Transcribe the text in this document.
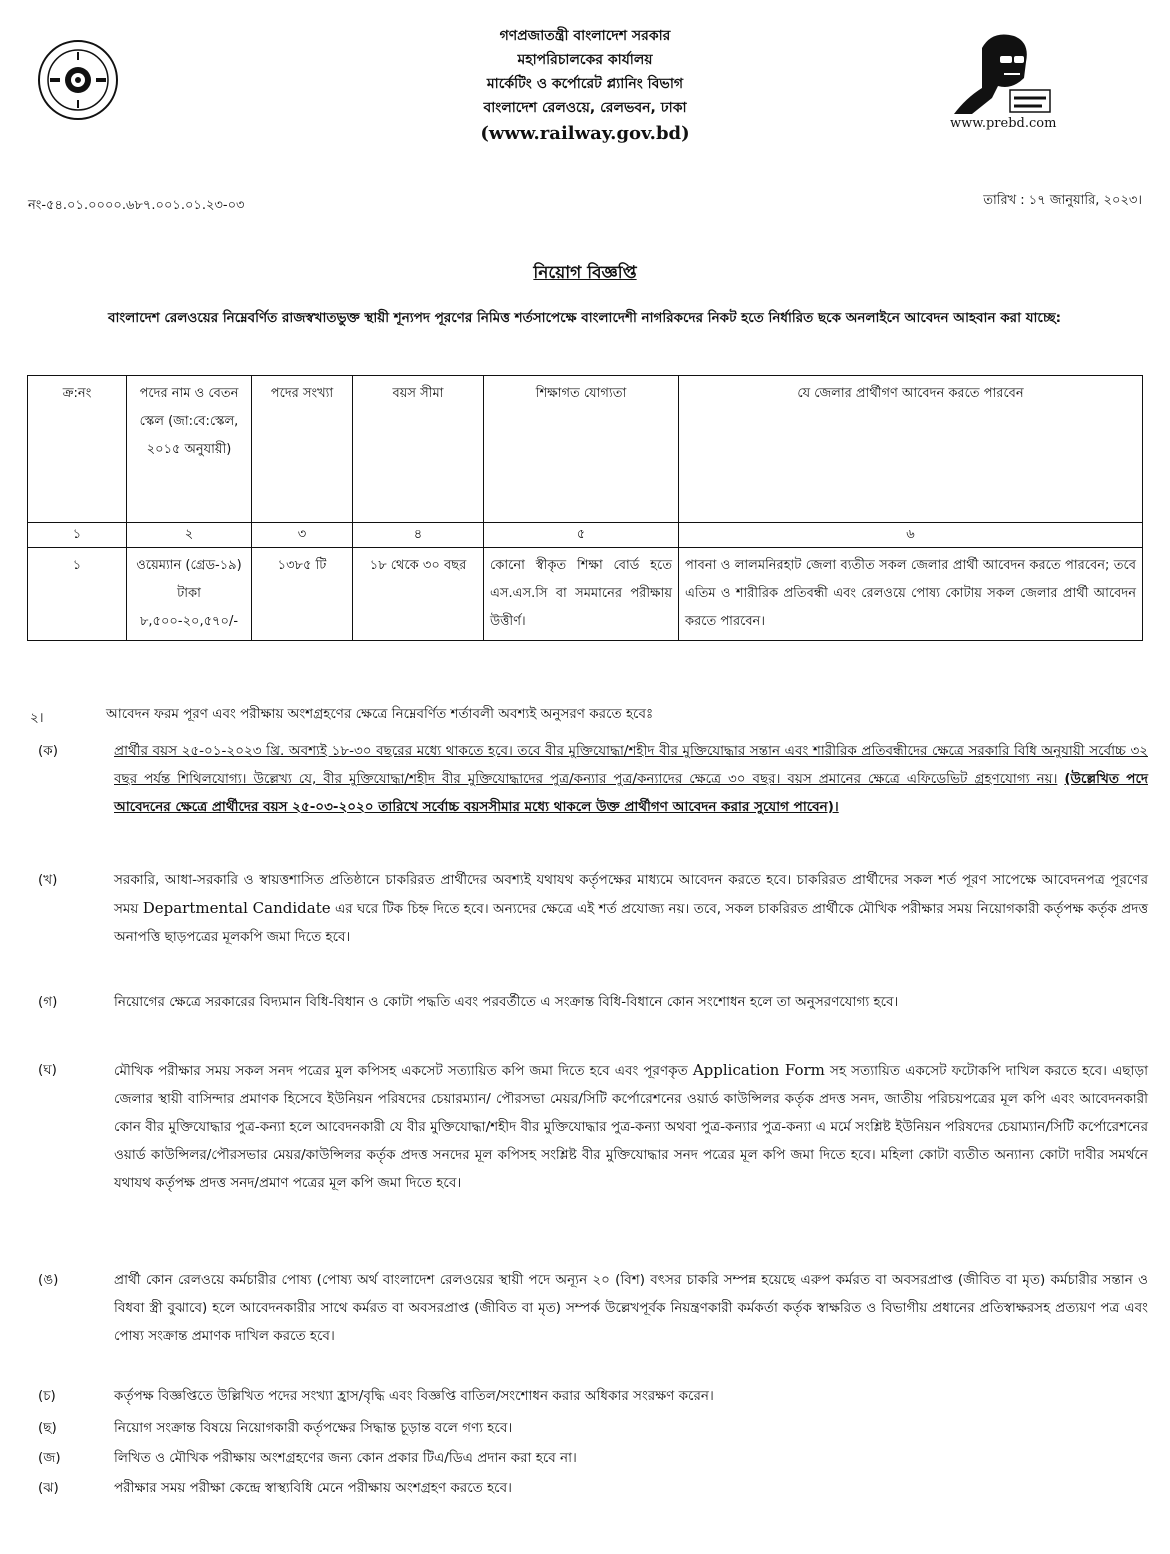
গণপ্রজাতন্ত্রী বাংলাদেশ সরকার
মহাপরিচালকের কার্যালয়
মার্কেটিং ও কর্পোরেট প্ল্যানিং বিভাগ
বাংলাদেশ রেলওয়ে, রেলভবন, ঢাকা
(www.railway.gov.bd)	www.prebd.com
নং-৫৪.০১.০০০০.৬৮৭.০০১.০১.২৩-০৩	তারিখ : ১৭ জানুয়ারি, ২০২৩।
নিয়োগ বিজ্ঞপ্তি
বাংলাদেশ রেলওয়ের নিম্নেবর্ণিত রাজস্বখাতভুক্ত স্থায়ী শূন্যপদ পূরণের নিমিত্ত শর্তসাপেক্ষে বাংলাদেশী নাগরিকদের নিকট হতে নির্ধারিত ছকে অনলাইনে আবেদন আহবান করা যাচ্ছে:
ক্র:নং	পদের নাম ও বেতন স্কেল (জা:বে:স্কেল, ২০১৫ অনুযায়ী)	পদের সংখ্যা	বয়স সীমা	শিক্ষাগত যোগ্যতা	যে জেলার প্রার্থীগণ আবেদন করতে পারবেন
১	২	৩	৪	৫	৬
১	ওয়েম্যান (গ্রেড-১৯) টাকা ৮,৫০০-২০,৫৭০/-	১৩৮৫ টি	১৮ থেকে ৩০ বছর	কোনো স্বীকৃত শিক্ষা বোর্ড হতে এস.এস.সি বা সমমানের পরীক্ষায় উত্তীর্ণ।	পাবনা ও লালমনিরহাট জেলা ব্যতীত সকল জেলার প্রার্থী আবেদন করতে পারবেন; তবে এতিম ও শারীরিক প্রতিবন্ধী এবং রেলওয়ে পোষ্য কোটায় সকল জেলার প্রার্থী আবেদন করতে পারবেন।
২।	আবেদন ফরম পূরণ এবং পরীক্ষায় অংশগ্রহণের ক্ষেত্রে নিম্নেবর্ণিত শর্তাবলী অবশ্যই অনুসরণ করতে হবেঃ
(ক)	প্রার্থীর বয়স ২৫-০১-২০২৩ খ্রি. অবশ্যই ১৮-৩০ বছরের মধ্যে থাকতে হবে। তবে বীর মুক্তিযোদ্ধা/শহীদ বীর মুক্তিযোদ্ধার সন্তান এবং শারীরিক প্রতিবন্ধীদের ক্ষেত্রে সরকারি বিধি অনুযায়ী সর্বোচ্চ ৩২ বছর পর্যন্ত শিথিলযোগ্য। উল্লেখ্য যে, বীর মুক্তিযোদ্ধা/শহীদ বীর মুক্তিযোদ্ধাদের পুত্র/কন্যার পুত্র/কন্যাদের ক্ষেত্রে ৩০ বছর। বয়স প্রমানের ক্ষেত্রে এফিডেভিট গ্রহণযোগ্য নয়। (উল্লেখিত পদে আবেদনের ক্ষেত্রে প্রার্থীদের বয়স ২৫-০৩-২০২০ তারিখে সর্বোচ্চ বয়সসীমার মধ্যে থাকলে উক্ত প্রার্থীগণ আবেদন করার সুযোগ পাবেন)।
(খ)	সরকারি, আধা-সরকারি ও স্বায়ত্তশাসিত প্রতিষ্ঠানে চাকরিরত প্রার্থীদের অবশ্যই যথাযথ কর্তৃপক্ষের মাধ্যমে আবেদন করতে হবে। চাকরিরত প্রার্থীদের সকল শর্ত পূরণ সাপেক্ষে আবেদনপত্র পূরণের সময় Departmental Candidate এর ঘরে টিক চিহ্ন দিতে হবে। অন্যদের ক্ষেত্রে এই শর্ত প্রযোজ্য নয়। তবে, সকল চাকরিরত প্রার্থীকে মৌখিক পরীক্ষার সময় নিয়োগকারী কর্তৃপক্ষ কর্তৃক প্রদত্ত অনাপত্তি ছাড়পত্রের মূলকপি জমা দিতে হবে।
(গ)	নিয়োগের ক্ষেত্রে সরকারের বিদ্যমান বিধি-বিধান ও কোটা পদ্ধতি এবং পরবর্তীতে এ সংক্রান্ত বিধি-বিধানে কোন সংশোধন হলে তা অনুসরণযোগ্য হবে।
(ঘ)	মৌখিক পরীক্ষার সময় সকল সনদ পত্রের মুল কপিসহ একসেট সত্যায়িত কপি জমা দিতে হবে এবং পূরণকৃত Application Form সহ সত্যায়িত একসেট ফটোকপি দাখিল করতে হবে। এছাড়া জেলার স্থায়ী বাসিন্দার প্রমাণক হিসেবে ইউনিয়ন পরিষদের চেয়ারম্যান/ পৌরসভা মেয়র/সিটি কর্পোরেশনের ওয়ার্ড কাউন্সিলর কর্তৃক প্রদত্ত সনদ, জাতীয় পরিচয়পত্রের মূল কপি এবং আবেদনকারী কোন বীর মুক্তিযোদ্ধার পুত্র-কন্যা হলে আবেদনকারী যে বীর মুক্তিযোদ্ধা/শহীদ বীর মুক্তিযোদ্ধার পুত্র-কন্যা অথবা পুত্র-কন্যার পুত্র-কন্যা এ মর্মে সংশ্লিষ্ট ইউনিয়ন পরিষদের চেয়াম্যান/সিটি কর্পোরেশনের ওয়ার্ড কাউন্সিলর/পৌরসভার মেয়র/কাউন্সিলর কর্তৃক প্রদত্ত সনদের মূল কপিসহ সংশ্লিষ্ট বীর মুক্তিযোদ্ধার সনদ পত্রের মূল কপি জমা দিতে হবে। মহিলা কোটা ব্যতীত অন্যান্য কোটা দাবীর সমর্থনে যথাযথ কর্তৃপক্ষ প্রদত্ত সনদ/প্রমাণ পত্রের মূল কপি জমা দিতে হবে।
(ঙ)	প্রার্থী কোন রেলওয়ে কর্মচারীর পোষ্য (পোষ্য অর্থ বাংলাদেশ রেলওয়ের স্থায়ী পদে অন্যূন ২০ (বিশ) বৎসর চাকরি সম্পন্ন হয়েছে এরুপ কর্মরত বা অবসরপ্রাপ্ত (জীবিত বা মৃত) কর্মচারীর সন্তান ও বিধবা স্ত্রী বুঝাবে) হলে আবেদনকারীর সাথে কর্মরত বা অবসরপ্রাপ্ত (জীবিত বা মৃত) সম্পর্ক উল্লেখপূর্বক নিয়ন্ত্রণকারী কর্মকর্তা কর্তৃক স্বাক্ষরিত ও বিভাগীয় প্রধানের প্রতিস্বাক্ষরসহ প্রত্যয়ণ পত্র এবং পোষ্য সংক্রান্ত প্রমাণক দাখিল করতে হবে।
(চ)	কর্তৃপক্ষ বিজ্ঞপ্তিতে উল্লিখিত পদের সংখ্যা হ্রাস/বৃদ্ধি এবং বিজ্ঞপ্তি বাতিল/সংশোধন করার অধিকার সংরক্ষণ করেন।
(ছ)	নিয়োগ সংক্রান্ত বিষয়ে নিয়োগকারী কর্তৃপক্ষের সিদ্ধান্ত চূড়ান্ত বলে গণ্য হবে।
(জ)	লিখিত ও মৌখিক পরীক্ষায় অংশগ্রহণের জন্য কোন প্রকার টিএ/ডিএ প্রদান করা হবে না।
(ঝ)	পরীক্ষার সময় পরীক্ষা কেন্দ্রে স্বাস্থ্যবিধি মেনে পরীক্ষায় অংশগ্রহণ করতে হবে।
